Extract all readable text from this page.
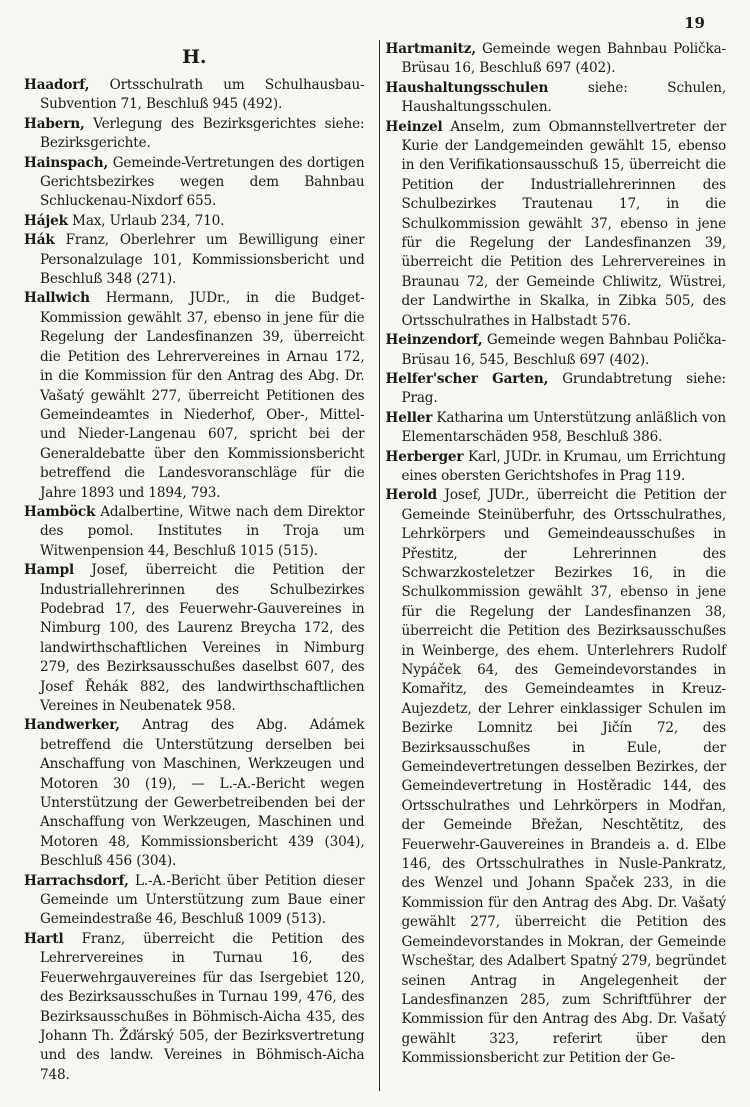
19
H.

Haadorf, Ortsschulrath um Schulhausbau-Subvention 71, Beschluß 945 (492).

Habern, Verlegung des Bezirksgerichtes siehe: Bezirksgerichte.

Hainspach, Gemeinde-Vertretungen des dortigen Gerichtsbezirkes wegen dem Bahnbau Schluckenau-Nixdorf 655.

Hájek Max, Urlaub 234, 710.

Hák Franz, Oberlehrer um Bewilligung einer Personalzulage 101, Kommissionsbericht und Beschluß 348 (271).

Hallwich Hermann, JUDr., in die Budget-Kommission gewählt 37, ebenso in jene für die Regelung der Landesfinanzen 39, überreicht die Petition des Lehrervereines in Arnau 172, in die Kommission für den Antrag des Abg. Dr. Vašatý gewählt 277, überreicht Petitionen des Gemeindeamtes in Niederhof, Ober-, Mittel- und Nieder-Langenau 607, spricht bei der Generaldebatte über den Kommissionsbericht betreffend die Landesvoranschläge für die Jahre 1893 und 1894, 793.

Hamböck Adalbertine, Witwe nach dem Direktor des pomol. Institutes in Troja um Witwenpension 44, Beschluß 1015 (515).

Hampl Josef, überreicht die Petition der Industriallehrerinnen des Schulbezirkes Podebrad 17, des Feuerwehr-Gauvereines in Nimburg 100, des Laurenz Breycha 172, des landwirthschaftlichen Vereines in Nimburg 279, des Bezirksausschußes daselbst 607, des Josef Řehák 882, des landwirthschaftlichen Vereines in Neubenatek 958.

Handwerker, Antrag des Abg. Adámek betreffend die Unterstützung derselben bei Anschaffung von Maschinen, Werkzeugen und Motoren 30 (19), — L.-A.-Bericht wegen Unterstützung der Gewerbetreibenden bei der Anschaffung von Werkzeugen, Maschinen und Motoren 48, Kommissionsbericht 439 (304), Beschluß 456 (304).

Harrachsdorf, L.-A.-Bericht über Petition dieser Gemeinde um Unterstützung zum Baue einer Gemeindestraße 46, Beschluß 1009 (513).

Hartl Franz, überreicht die Petition des Lehrervereines in Turnau 16, des Feuerwehrgauvereines für das Isergebiet 120, des Bezirksausschußes in Turnau 199, 476, des Bezirksausschußes in Böhmisch-Aicha 435, des Johann Th. Žďárský 505, der Bezirksvertretung und des landw. Vereines in Böhmisch-Aicha 748.

Hartmanitz, Gemeinde wegen Bahnbau Polička-Brüsau 16, Beschluß 697 (402).

Haushaltungsschulen siehe: Schulen, Haushaltungsschulen.

Heinzel Anselm, zum Obmannstellvertreter der Kurie der Landgemeinden gewählt 15, ebenso in den Verifikationsausschuß 15, überreicht die Petition der Industriallehrerinnen des Schulbezirkes Trautenau 17, in die Schulkommission gewählt 37, ebenso in jene für die Regelung der Landesfinanzen 39, überreicht die Petition des Lehrervereines in Braunau 72, der Gemeinde Chliwitz, Wüstrei, der Landwirthe in Skalka, in Zibka 505, des Ortsschulrathes in Halbstadt 576.

Heinzendorf, Gemeinde wegen Bahnbau Polička-Brüsau 16, 545, Beschluß 697 (402).

Helfer'scher Garten, Grundabtretung siehe: Prag.

Heller Katharina um Unterstützung anläßlich von Elementarschäden 958, Beschluß 386.

Herberger Karl, JUDr. in Krumau, um Errichtung eines obersten Gerichtshofes in Prag 119.

Herold Josef, JUDr., überreicht die Petition der Gemeinde Steinüberfuhr, des Ortsschulrathes, Lehrkörpers und Gemeindeausschußes in Přestitz, der Lehrerinnen des Schwarzkosteletzer Bezirkes 16, in die Schulkommission gewählt 37, ebenso in jene für die Regelung der Landesfinanzen 38, überreicht die Petition des Bezirksausschußes in Weinberge, des ehem. Unterlehrers Rudolf Nypáček 64, des Gemeindevorstandes in Komařitz, des Gemeindeamtes in Kreuz-Aujezdetz, der Lehrer einklassiger Schulen im Bezirke Lomnitz bei Jičín 72, des Bezirksausschußes in Eule, der Gemeindevertretungen desselben Bezirkes, der Gemeindevertretung in Hostěradic 144, des Ortsschulrathes und Lehrkörpers in Modřan, der Gemeinde Břežan, Neschtětitz, des Feuerwehr-Gauvereines in Brandeis a. d. Elbe 146, des Ortsschulrathes in Nusle-Pankratz, des Wenzel und Johann Spaček 233, in die Kommission für den Antrag des Abg. Dr. Vašatý gewählt 277, überreicht die Petition des Gemeindevorstandes in Mokran, der Gemeinde Wscheštar, des Adalbert Spatný 279, begründet seinen Antrag in Angelegenheit der Landesfinanzen 285, zum Schriftführer der Kommission für den Antrag des Abg. Dr. Vašatý gewählt 323, referirt über den Kommissionsbericht zur Petition der Ge-
